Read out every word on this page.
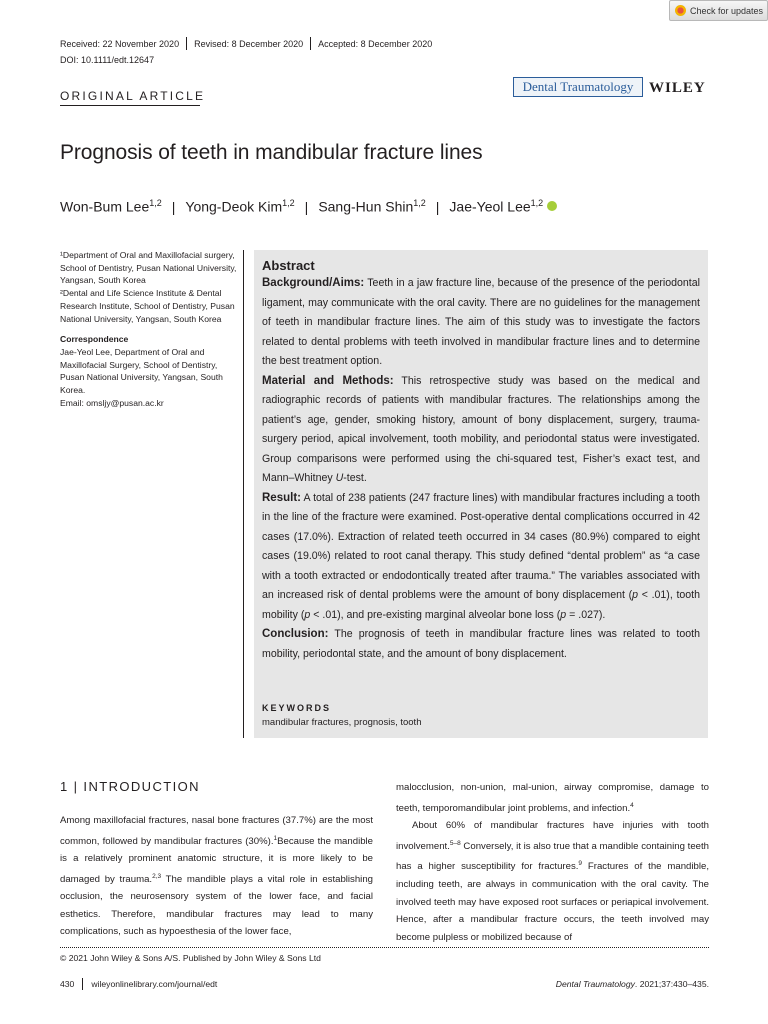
Check for updates
Received: 22 November 2020 Revised: 8 December 2020 Accepted: 8 December 2020
DOI: 10.1111/edt.12647
ORIGINAL ARTICLE
Dental Traumatology	WILEY
Prognosis of teeth in mandibular fracture lines
Won-Bum Lee$^{1,2}$ | Yong-Deok Kim$^{1,2}$ | Sang-Hun Shin$^{1,2}$ | Jae-Yeol Lee$^{1,2}$

¹Department of Oral and Maxillofacial surgery, School of Dentistry, Pusan National University, Yangsan, South Korea

²Dental and Life Science Institute & Dental Research Institute, School of Dentistry, Pusan National University, Yangsan, South Korea

Correspondence

Jae-Yeol Lee, Department of Oral and Maxillofacial Surgery, School of Dentistry, Pusan National University, Yangsan, South Korea.

Email: omsljy@pusan.ac.kr

Abstract

Background/Aims: Teeth in a jaw fracture line, because of the presence of the periodontal ligament, may communicate with the oral cavity. There are no guidelines for the management of teeth in mandibular fracture lines. The aim of this study was to investigate the factors related to dental problems with teeth involved in mandibular fracture lines and to determine the best treatment option.

Material and Methods: This retrospective study was based on the medical and radiographic records of patients with mandibular fractures. The relationships among the patient’s age, gender, smoking history, amount of bony displacement, surgery, trauma-surgery period, apical involvement, tooth mobility, and periodontal status were investigated. Group comparisons were performed using the chi-squared test, Fisher’s exact test, and Mann–Whitney U-test.

Result: A total of 238 patients (247 fracture lines) with mandibular fractures including a tooth in the line of the fracture were examined. Post-operative dental complications occurred in 42 cases (17.0%). Extraction of related teeth occurred in 34 cases (80.9%) compared to eight cases (19.0%) related to root canal therapy. This study defined “dental problem” as “a case with a tooth extracted or endodontically treated after trauma.” The variables associated with an increased risk of dental problems were the amount of bony displacement (p < .01), tooth mobility (p < .01), and pre-existing marginal alveolar bone loss (p = .027).

Conclusion: The prognosis of teeth in mandibular fracture lines was related to tooth mobility, periodontal state, and the amount of bony displacement.

KEYWORDS
mandibular fractures, prognosis, tooth
1 | INTRODUCTION

Among maxillofacial fractures, nasal bone fractures (37.7%) are the most common, followed by mandibular fractures (30%).$^1$Because the mandible is a relatively prominent anatomic structure, it is more likely to be damaged by trauma.$^{2,3}$ The mandible plays a vital role in establishing occlusion, the neurosensory system of the lower face, and facial esthetics. Therefore, mandibular fractures may lead to many complications, such as hypoesthesia of the lower face,

malocclusion, non-union, mal-union, airway compromise, damage to teeth, temporomandibular joint problems, and infection.$^4$

About 60% of mandibular fractures have injuries with tooth involvement.$^{5-8}$ Conversely, it is also true that a mandible containing teeth has a higher susceptibility for fractures.$^9$ Fractures of the mandible, including teeth, are always in communication with the oral cavity. The involved teeth may have exposed root surfaces or periapical involvement. Hence, after a mandibular fracture occurs, the teeth involved may become pulpless or mobilized because of

© 2021 John Wiley & Sons A/S. Published by John Wiley & Sons Ltd
430 wileyonlinelibrary.com/journal/edt	Dental Traumatology. 2021;37:430–435.
